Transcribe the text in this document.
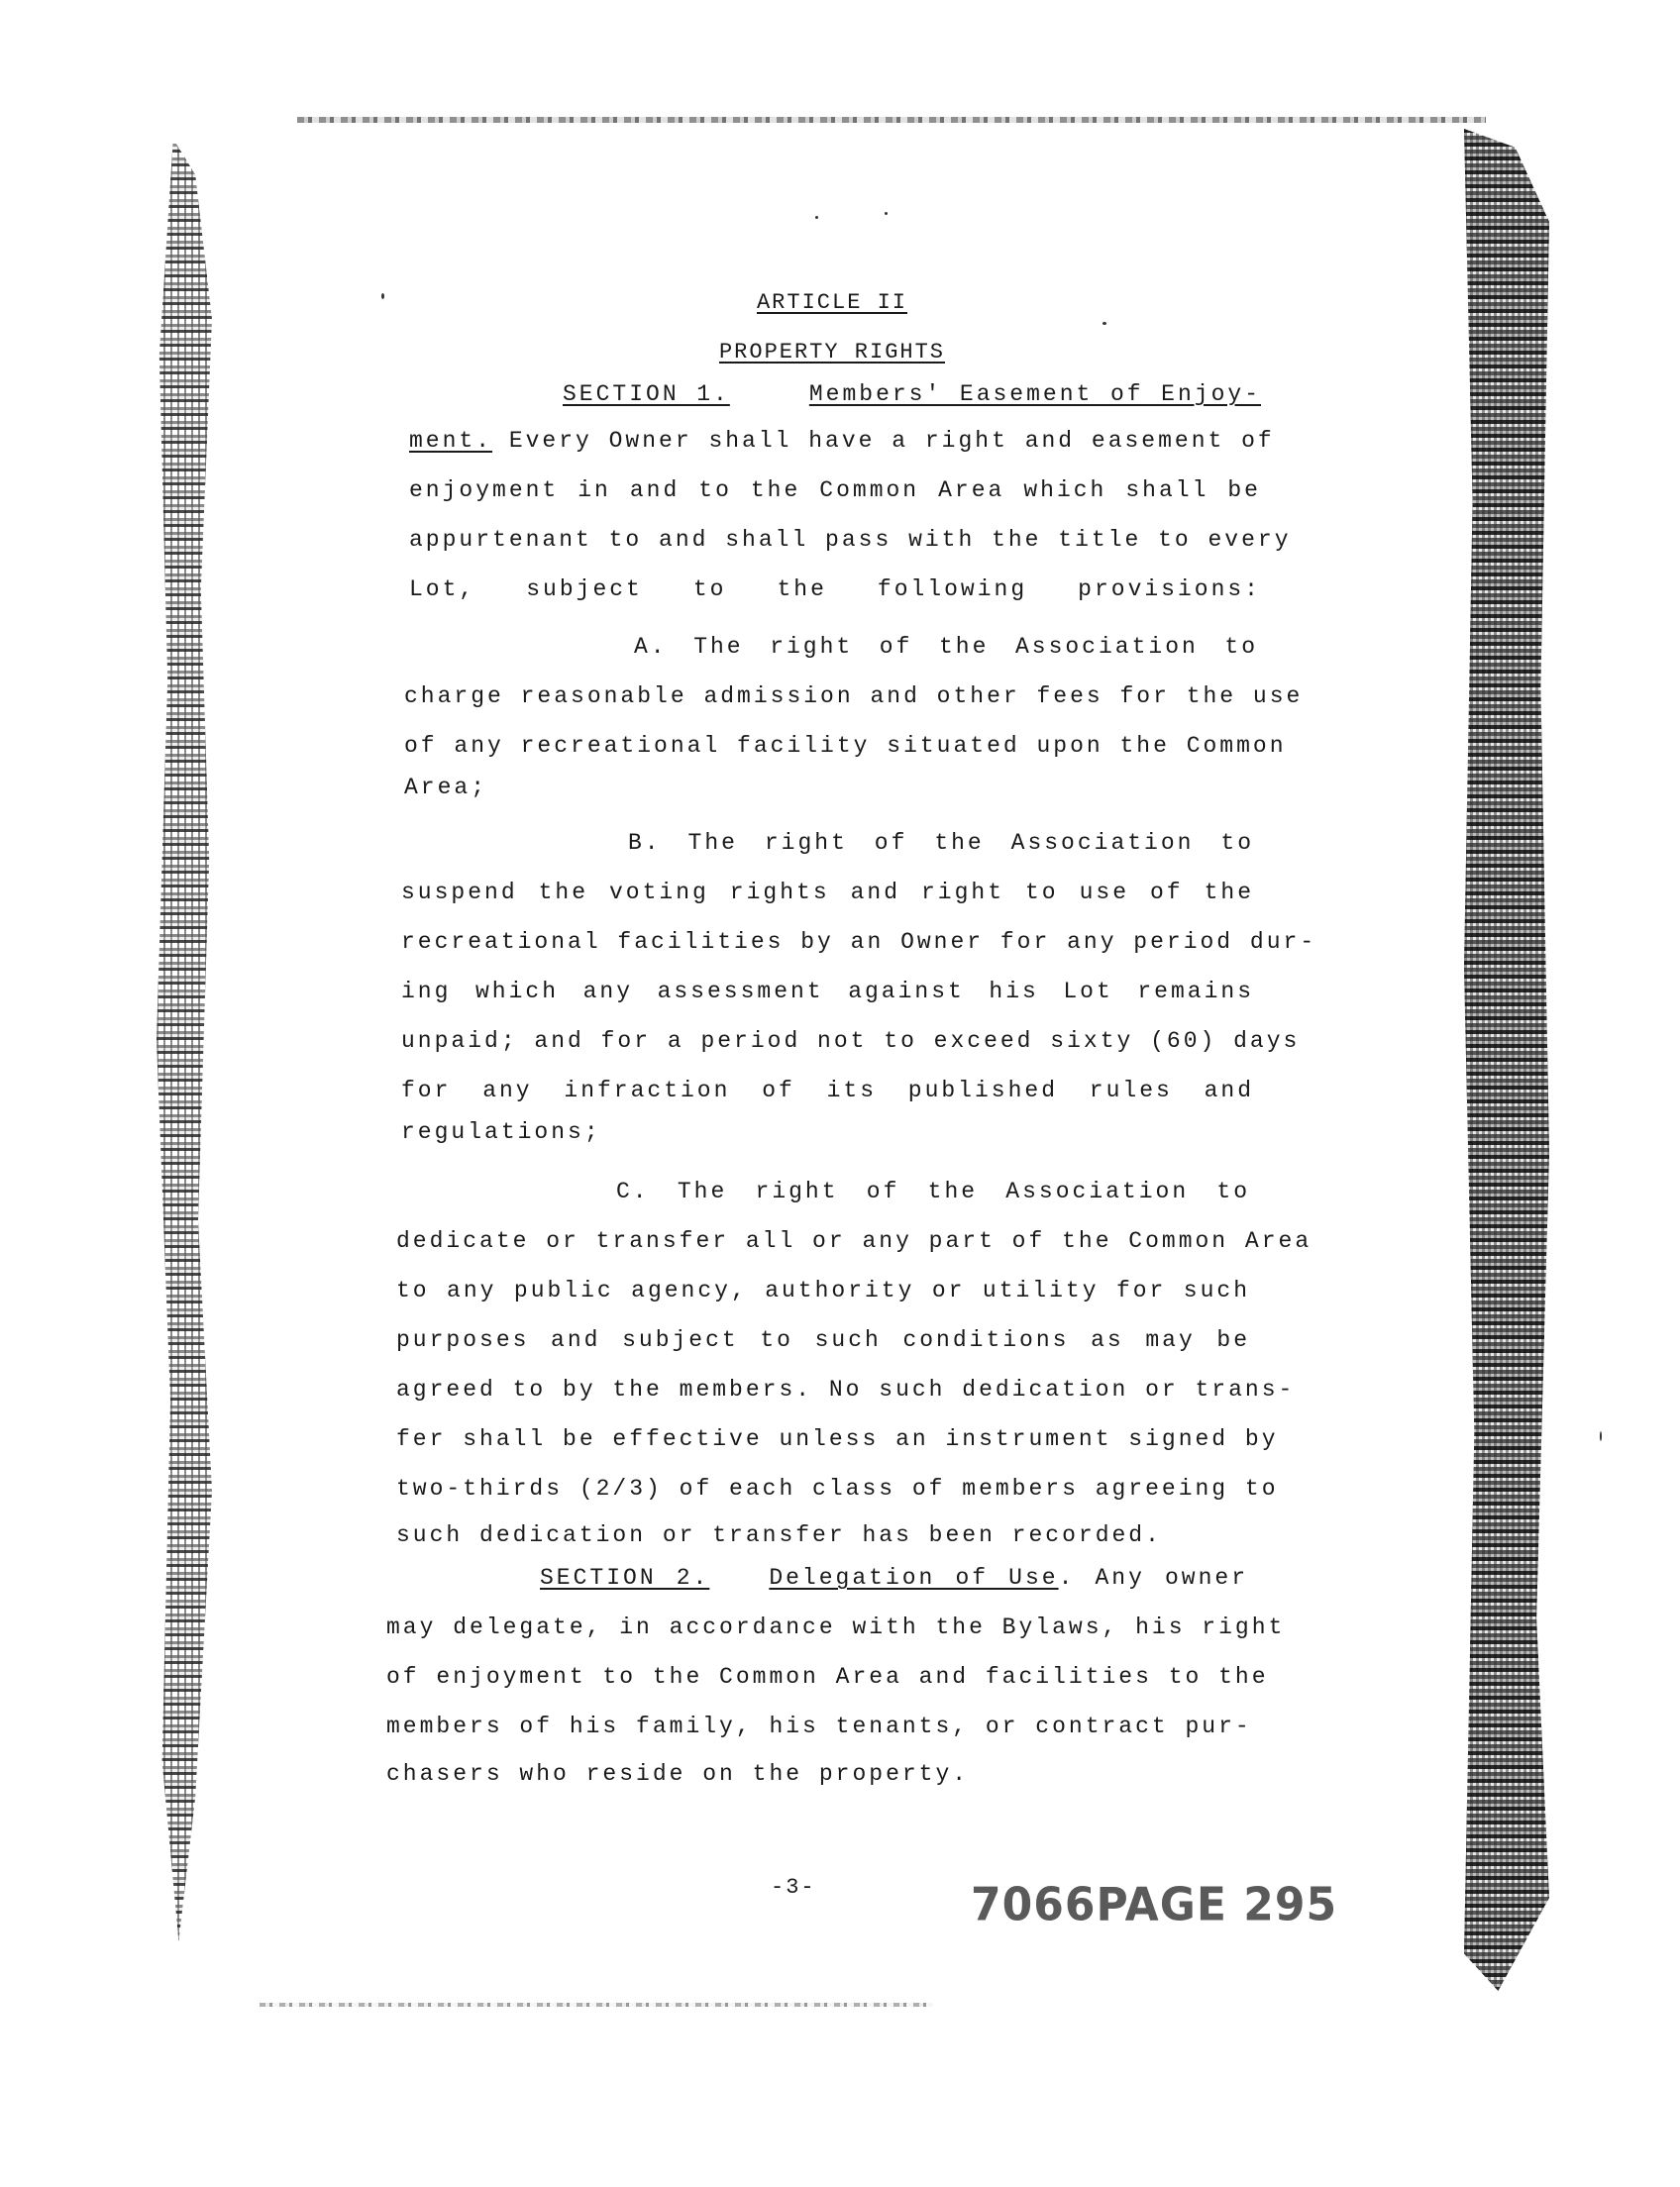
ARTICLE II
PROPERTY RIGHTS
SECTION 1.	Members' Easement of Enjoy-
ment. Every Owner shall have a right and easement of
enjoyment in and to the Common Area which shall be
appurtenant to and shall pass with the title to every
Lot, subject to the following provisions:
A. The right of the Association to
charge reasonable admission and other fees for the use
of any recreational facility situated upon the Common
Area;
B. The right of the Association to
suspend the voting rights and right to use of the
recreational facilities by an Owner for any period dur-
ing which any assessment against his Lot remains
unpaid; and for a period not to exceed sixty (60) days
for any infraction of its published rules and
regulations;
C. The right of the Association to
dedicate or transfer all or any part of the Common Area
to any public agency, authority or utility for such
purposes and subject to such conditions as may be
agreed to by the members. No such dedication or trans-
fer shall be effective unless an instrument signed by
two-thirds (2/3) of each class of members agreeing to
such dedication or transfer has been recorded.
SECTION 2.	Delegation of Use. Any owner
may delegate, in accordance with the Bylaws, his right
of enjoyment to the Common Area and facilities to the
members of his family, his tenants, or contract pur-
chasers who reside on the property.
-3-	7066PAGE 295
